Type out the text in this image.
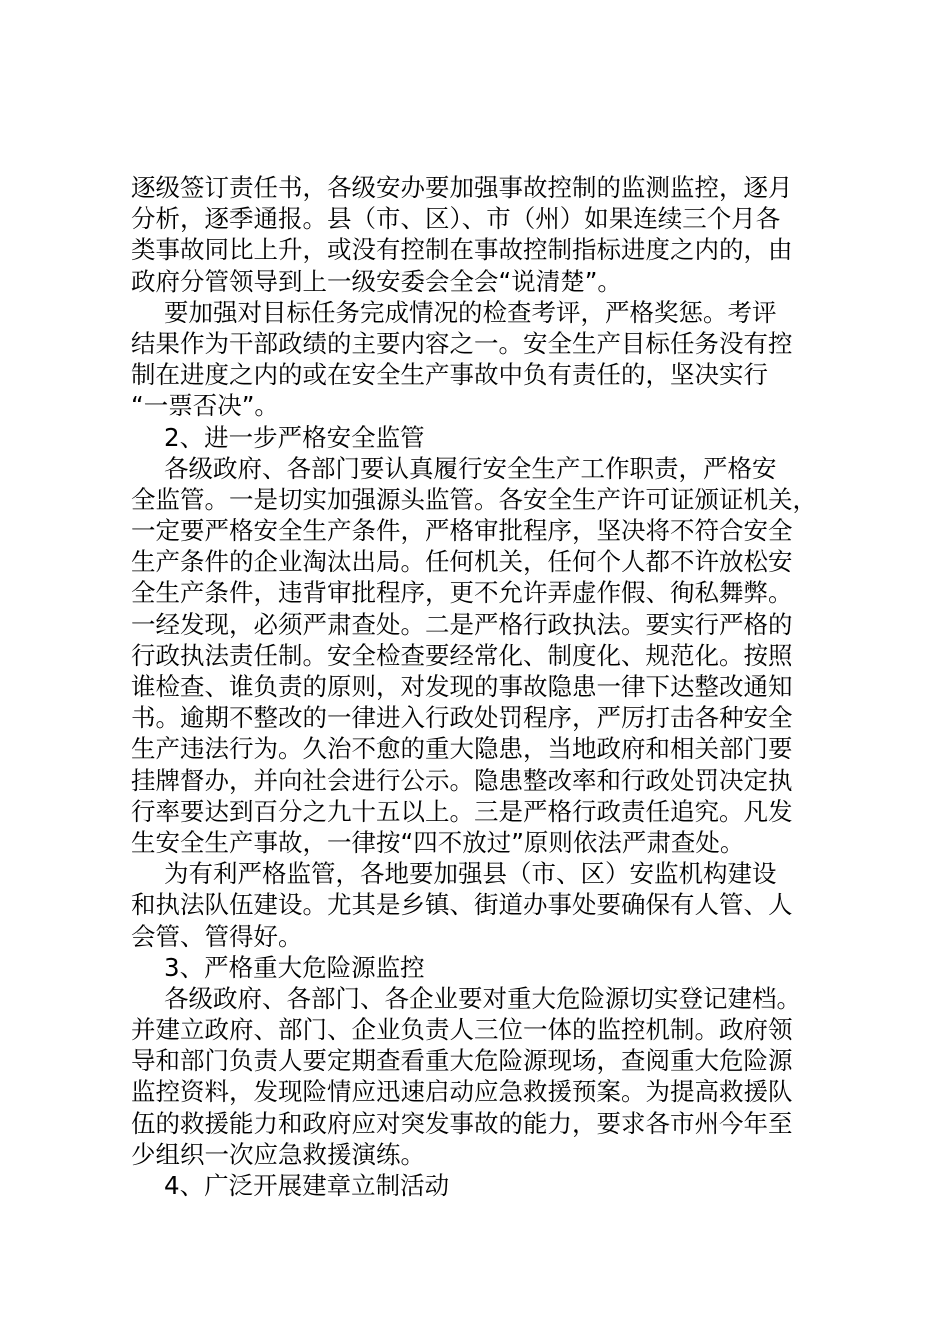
逐级签订责任书，各级安办要加强事故控制的监测监控，逐月
分析，逐季通报。县（市、区）、市（州）如果连续三个月各
类事故同比上升，或没有控制在事故控制指标进度之内的，由
政府分管领导到上一级安委会全会“说清楚”。
要加强对目标任务完成情况的检查考评，严格奖惩。考评
结果作为干部政绩的主要内容之一。安全生产目标任务没有控
制在进度之内的或在安全生产事故中负有责任的，坚决实行
“一票否决”。
2、进一步严格安全监管
各级政府、各部门要认真履行安全生产工作职责，严格安
全监管。一是切实加强源头监管。各安全生产许可证颁证机关，
一定要严格安全生产条件，严格审批程序，坚决将不符合安全
生产条件的企业淘汰出局。任何机关，任何个人都不许放松安
全生产条件，违背审批程序，更不允许弄虚作假、徇私舞弊。
一经发现，必须严肃查处。二是严格行政执法。要实行严格的
行政执法责任制。安全检查要经常化、制度化、规范化。按照
谁检查、谁负责的原则，对发现的事故隐患一律下达整改通知
书。逾期不整改的一律进入行政处罚程序，严厉打击各种安全
生产违法行为。久治不愈的重大隐患，当地政府和相关部门要
挂牌督办，并向社会进行公示。隐患整改率和行政处罚决定执
行率要达到百分之九十五以上。三是严格行政责任追究。凡发
生安全生产事故，一律按“四不放过”原则依法严肃查处。
为有利严格监管，各地要加强县（市、区）安监机构建设
和执法队伍建设。尤其是乡镇、街道办事处要确保有人管、人
会管、管得好。
3、严格重大危险源监控
各级政府、各部门、各企业要对重大危险源切实登记建档。
并建立政府、部门、企业负责人三位一体的监控机制。政府领
导和部门负责人要定期查看重大危险源现场，查阅重大危险源
监控资料，发现险情应迅速启动应急救援预案。为提高救援队
伍的救援能力和政府应对突发事故的能力，要求各市州今年至
少组织一次应急救援演练。
4、广泛开展建章立制活动
